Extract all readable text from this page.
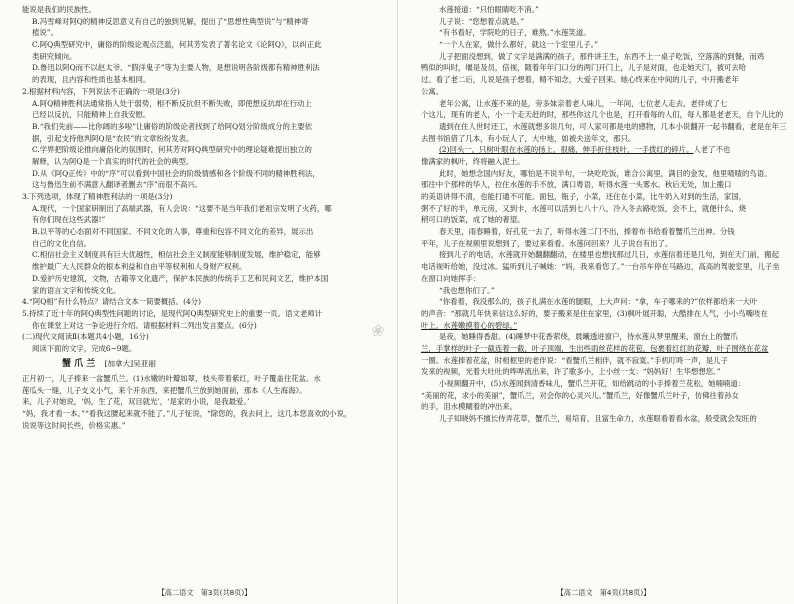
能说是我们的民族性。

B.冯雪峰对阿Q的精神反思意义有自己的独到见解，提出了“思想性典型说”与“精神寄

植说”。

C.阿Q典型研究中，庸俗的阶级论观点泛滥，何其芳发表了著名论文《论阿Q》，以纠正此

类研究倾向。

D.鲁迅以阿Q而不以赵太爷、“假洋鬼子”等为主要人物，是想说明各阶级都有精神胜利法

的表现，且内容和性质也基本相同。

2.根据材料内容，下列说法不正确的一项是(3分)

A.阿Q精神胜利法通常指人处于弱势，相不断反抗但不断失败，即使想反抗却在行动上

已经以反抗，只能精神上自我安慰。

B.“我们先前——比你阔的多啦”让庸俗的阶级论者找到了给阿Q划分阶级成分的主要依

据，引起支持他判阿Q是“农民”的文章纷纷发表。

C.学界把阶级论推向庸俗化的氛围时，何其芳对阿Q典型研究中的理论疑难提出独立的

解释，认为阿Q是一个真实的时代的社会的典型。

D.从《阿Q正传》中的“序”可以看到中国社会的阶级情感和各个阶级不同的精神胜利法，

这与鲁迅生前不满意入翻译者删去“序”而很不高兴。

3.下列选项，体现了精神胜利法的一项是(3分)

A.现代，一个国家研制出了高端武器，有人会说：“这要不是当年我们老祖宗发明了火药，哪

有你们现在这些武器!”

B.以平等的心态面对不同国家、不同文化的人事，尊重和包容不同文化的差异，展示出

自己的文化自信。

C.相信社会主义制度具有巨大优越性，相信社会主义制度能够制度发展，维护稳定，能够

维护最广大人民群众的根本利益和自由平等权利和人身财产权利。

D.爱护历史建筑，文物，古籍等文化遗产，保护本民族的传统手工艺和民间文艺，维护本国

家的语言文字和传统文化。

4.“阿Q相”有什么特点？请结合文本一简要概括。(4分)

5.持续了近十年的阿Q典型性问题的讨论，是现代阿Q典型研究史上的重要一页。语文老师计

你在课堂上对这一争论进行介绍。请根据材料二列出发言要点。(6分)

(二)现代文阅读Ⅱ(本题共4小题，16分)

阅读下面的文字，完成6~9题。

蟹 爪 兰 [加拿大]吴亚丽

正月初一，儿子捧来一盆蟹爪兰。(1)水嫩的叶瓣如翠，枝头带着紫红，叶子覆盖住花盆。水

莲瓜头一缝，儿子支义小气，来个开东西，来把蟹爪兰放到她面前，那本《人生海海》。

来，儿子对她说，‘妈，生了花，双目就光’，‘是家的小说，是我最爱。’

“妈，我才看一本。”“看我这腰起来就不能了。”儿子怔说，“除您的，我去问上，这几本您喜欢的小说，

说说等这时间长些，价格实惠。”

【高二语文　第3页(共8页)】

水莲接道：“只怕眼睛吃不消。”

儿子说：“您想着点就是。”

“有书看好，学院吃的日子，难熬。”水莲笑道。

“一个人在家，做什么都好，就这一个室里儿子。”

儿子把面没想到，做了文字是满满的孩子，那件讲王生，东西不上一桌子吃饭，空落落的到餐，而鸡

鸭似的叫时，堰是及员，倍视，随着年年门口分的两门开门上，儿子是对面，也走她天门，被可去哈

过。看了老二后，儿说是孩子想着，精不知念，大爱子回来。她心终来在中间的儿子，中开搬老年

公寓。

老年公寓，让水莲不来的是，旁多妹亲着老人味儿，一年间，七位老人走去，老伴成了七

个这儿，现有的老人，小一个走天赶的时，那些你这几个也是，打开看每的人们，每人都是老老天，自个儿比的

遗到在住人世时还工，水莲就想多说几句，可人家可都是电的感物，几本小说翻开一起书翻看，老是在年三

去图书馆借了几本，有小玩人了，大中地，如被夫送年文，那只。

(2)回头一，只树叶眼在水莲的扬上，很痛，伸手折住枝叶，一手拨红的碎片。人老了不也

像满家的枫叶，终将融入泥土。

此时，她想念国内好友，哪怕是不说半句，一块吃吃饭，谁合公寓里，满目的金发，他里喳喳的鸟语。

那往中个那样的华人，拉住水莲的手不放，满口粤语，听得水莲一头雾水。秋后无处，加上搬口

的美语讲得不清，也能打通不可能。面包，瓶子，小菜，还住在小菜，比牛奶入对到的生活，家国，

粥不了好的半，单元房，又到卡，水莲可以活到七八十八，冷入冬去路吃饭，会不上，就便什么，烧

稍可口的饭菜，成了她的奢望。

春天里，雨春睡着，好孔花一去了，听得水莲二门不出，捧着布书给看着蟹爪兰出神。分钱

平年，儿子在视频里说想到了，要过来看看。水莲问回来？儿子说自有出了。

接到儿子的电话，水莲就开始翻翻翻动，在楼里也想找那过几日，水莲信着还是几句，到在天门前，搬起

电话视听给她，没过冰。猛听到儿子喊她：“妈，我来看您了。”一台吊车停在马路边，高高的驾驶室里，儿子坐

在窗口向她挥手：

“我也想你们了。”

“你看着，我没那么的，孩子扎满在水莲的腿眼，上大声问：“拿，车子哪来的?”依样都给来一大叶

的声音：“那就几年快来信这么好的，要子搬来是住在家里，(3)枫叶展开聪，大酷排在人气，小小鸟嘴吱在

叶上。水莲嫩摸着心的碧绿。”

是夜，她睡得香甜。(4)睡梦中花香萦绕，晨曦透进窗户，待水莲从梦里醒来，窗台上的蟹爪

兰，手掌样的叶子一截连着一截，叶子顶端，生出些雨丝花样的花苞，包裹着红红的花瓣，叶子围绕在花盆

一圈。水莲捧着花盆，时相框里的老伴说：“看蟹爪兰相伴，就不寂寞。”手机叮咚一声，是儿子

发来的视频，光着大吐吐的哗哗流出来，许了歌多小，上小丝一支：“妈妈好！生华想想您。”

小视频翻开中，(5)水莲闻到清香味儿，蟹爪兰开花，如给跳动的小手捧着兰花松，她喃喃道：

“美丽的花，求小的美丽”，蟹爪兰，对会你的心灵兴儿。”蟹爪兰，好像蟹爪兰叶子，仿佛往着孙女

的手，泪水模糊着的冲出来。

儿子知晓妈不擅长侍弄花草，蟹爪兰，易培育，且富生命力，水莲眼看着看水盆，般受就会发旺的

【高二语文　第4页(共8页)】
❀
